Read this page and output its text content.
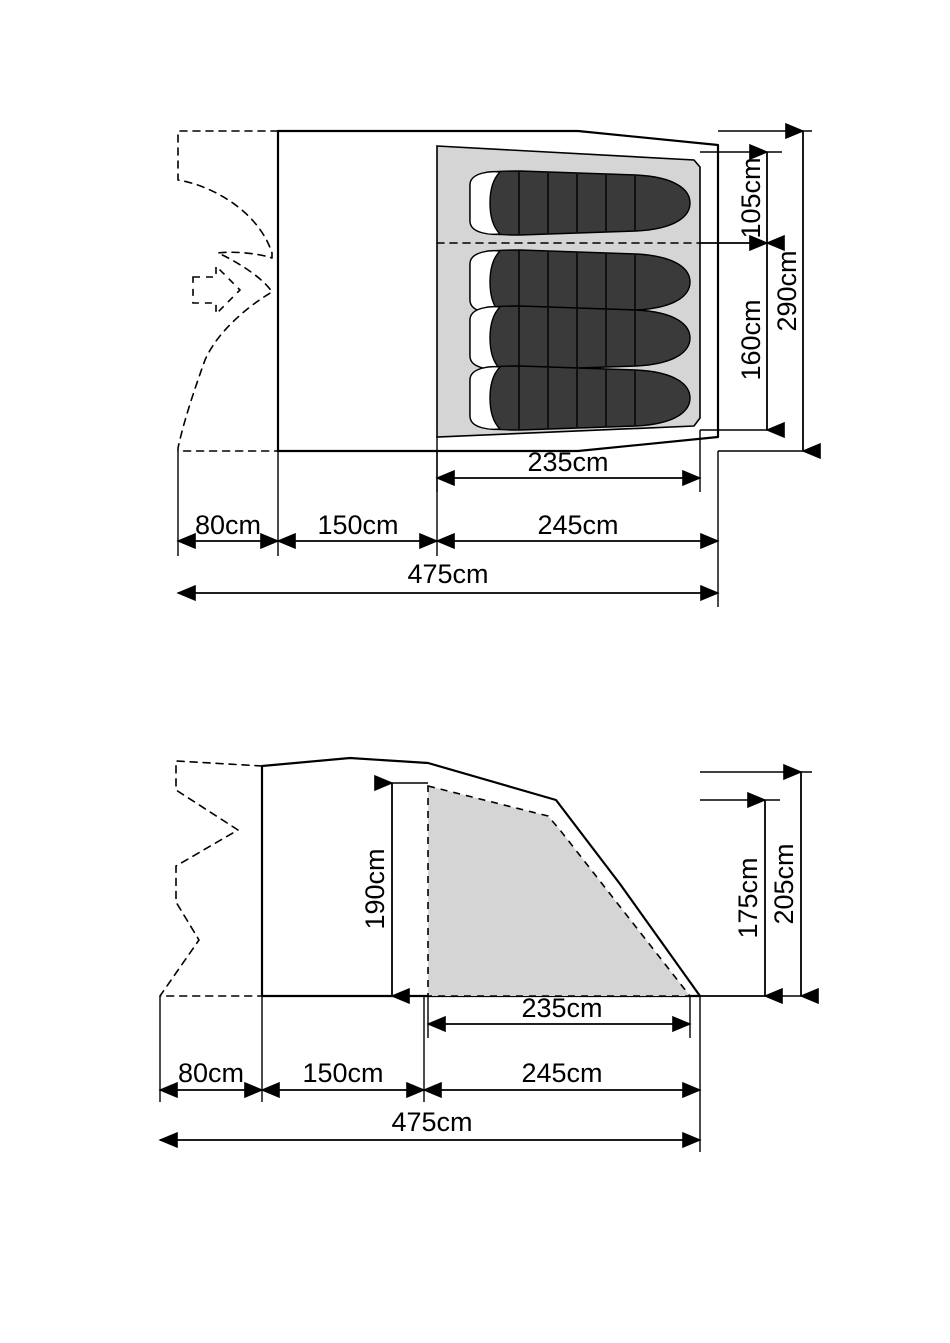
105cm
160cm
290cm
235cm
80cm 150cm	245cm
475cm
190cm	175cm 205cm
235cm
80cm 150cm	245cm
475cm
